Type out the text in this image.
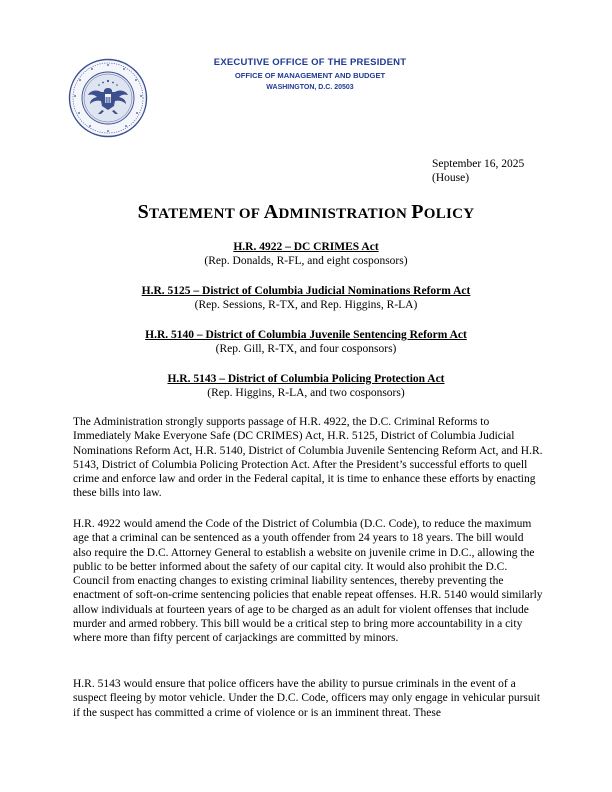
EXECUTIVE OFFICE OF THE PRESIDENT
OFFICE OF MANAGEMENT AND BUDGET
WASHINGTON, D.C. 20503
September 16, 2025
(House)
STATEMENT OF ADMINISTRATION POLICY
H.R. 4922 – DC CRIMES Act
(Rep. Donalds, R-FL, and eight cosponsors)
H.R. 5125 – District of Columbia Judicial Nominations Reform Act
(Rep. Sessions, R-TX, and Rep. Higgins, R-LA)
H.R. 5140 – District of Columbia Juvenile Sentencing Reform Act
(Rep. Gill, R-TX, and four cosponsors)
H.R. 5143 – District of Columbia Policing Protection Act
(Rep. Higgins, R-LA, and two cosponsors)
The Administration strongly supports passage of H.R. 4922, the D.C. Criminal Reforms to Immediately Make Everyone Safe (DC CRIMES) Act, H.R. 5125, District of Columbia Judicial Nominations Reform Act, H.R. 5140, District of Columbia Juvenile Sentencing Reform Act, and H.R. 5143, District of Columbia Policing Protection Act. After the President’s successful efforts to quell crime and enforce law and order in the Federal capital, it is time to enhance these efforts by enacting these bills into law.
H.R. 4922 would amend the Code of the District of Columbia (D.C. Code), to reduce the maximum age that a criminal can be sentenced as a youth offender from 24 years to 18 years. The bill would also require the D.C. Attorney General to establish a website on juvenile crime in D.C., allowing the public to be better informed about the safety of our capital city. It would also prohibit the D.C. Council from enacting changes to existing criminal liability sentences, thereby preventing the enactment of soft-on-crime sentencing policies that enable repeat offenses. H.R. 5140 would similarly allow individuals at fourteen years of age to be charged as an adult for violent offenses that include murder and armed robbery. This bill would be a critical step to bring more accountability in a city where more than fifty percent of carjackings are committed by minors.
H.R. 5143 would ensure that police officers have the ability to pursue criminals in the event of a suspect fleeing by motor vehicle. Under the D.C. Code, officers may only engage in vehicular pursuit if the suspect has committed a crime of violence or is an imminent threat. These
